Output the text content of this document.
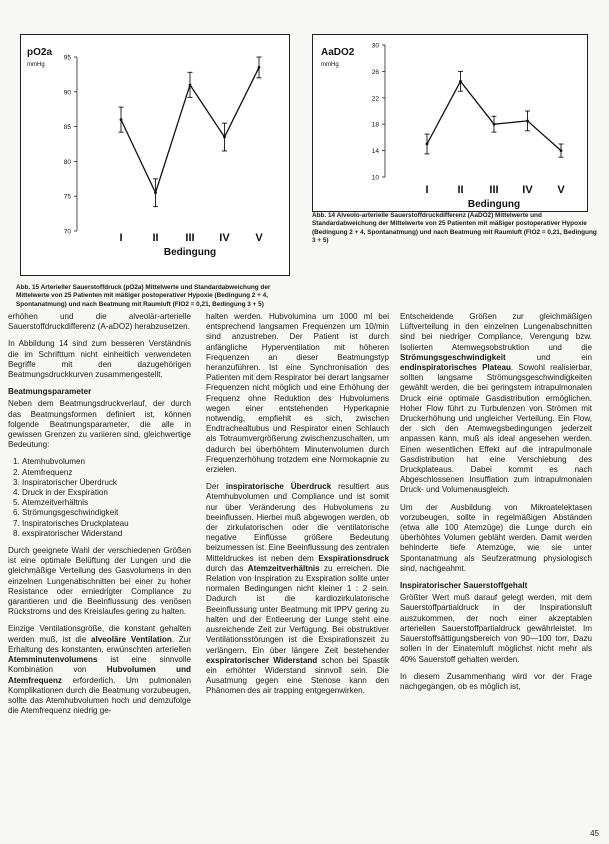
pO2a
mmHg
70
75
80
85
90
95
I	II III IV V
Bedingung
AaDO2
mmHg
10
14
18
22
26
30
I	II III IV V
Bedingung
Abb. 15 Arterieller Sauerstoffdruck (pO2a) Mittelwerte und Standardabweichung der Mittelwerte von 25 Patienten mit mäßiger postoperativer Hypoxie (Bedingung 2 + 4, Spontanatmung) und nach Beatmung mit Raumluft (FIO2 = 0,21, Bedingung 3 + 5)
Abb. 14 Alveolo-arterielle Sauerstoffdruckdifferenz (AaDO2) Mittelwerte und Standardabweichung der Mittelwerte von 25 Patienten mit mäßiger postoperativer Hypoxie (Bedingung 2 + 4, Spontanatmung) und nach Beatmung mit Raumluft (FIO2 = 0,21, Bedingung 3 + 5)

erhöhen und die alveolär-arterielle Sauerstoffdruckdifferenz (A-aDO2) herabzusetzen.

In Abbildung 14 sind zum besseren Verständnis die im Schrifttum nicht einheitlich verwendeten Begriffe mit den dazugehörigen Beatmungsdruckkurven zusammengestellt.

Beatmungsparameter

Neben dem Beatmungsdruckverlauf, der durch das Beatmungsformen definiert ist, können folgende Beatmungsparameter, die alle in gewissen Grenzen zu variieren sind, gleichwertige Bedeutung:

1. Atemhubvolumen
2. Atemfrequenz
3. Inspiratorischer Überdruck
4. Druck in der Exspiration
5. Atemzeitverhältnis
6. Strömungsgeschwindigkeit
7. Inspiratorisches Druckplateau
8. exspiratorischer Widerstand

Durch geeignete Wahl der verschiedenen Größen ist eine optimale Belüftung der Lungen und die gleichmäßige Verteilung des Gasvolumens in den einzelnen Lungenabschnitten bei einer zu hoher Resistance oder erniedrigter Compliance zu garantieren und die Beeinflussung des venösen Rückstroms und des Kreislaufes gering zu halten.

Einzige Ventilationsgröße, die konstant gehalten werden muß, ist die alveoläre Ventilation. Zur Erhaltung des konstanten, erwünschten arteriellen Atemminutenvolumens ist eine sinnvolle Kombination von Hubvolumen und Atemfrequenz erforderlich. Um pulmonalen Komplikationen durch die Beatmung vorzubeugen, sollte das Atemhubvolumen hoch und demzufolge die Atemfrequenz niedrig ge-

halten werden. Hubvolumina um 1000 ml bei entsprechend langsamen Frequenzen um 10/min sind anzustreben. Der Patient ist durch anfängliche Hyperventilation mit höheren Frequenzen an dieser Beatmungstyp heranzuführen. Ist eine Synchronisation des Patienten mit dem Respirator bei derart langsamer Frequenzen nicht möglich und eine Erhöhung der Frequenz ohne Reduktion des Hubvolumens wegen einer entstehenden Hyperkapnie notwendig, empfiehlt es sich, zwischen Endtrachealtubus und Respirator einen Schlauch als Totraumvergrößerung zwischenzuschalten, um dadurch bei überhöhtem Minutenvolumen durch Frequenzerhöhung trotzdem eine Normokapnie zu erzielen.

Der inspiratorische Überdruck resultiert aus Atemhubvolumen und Compliance und ist somit nur über Veränderung des Hubvolumens zu beeinflussen. Hierbei muß abgewogen werden, ob der zirkulatorischen oder die ventilatorische negative Einflüsse größere Bedeutung beizumessen ist. Eine Beeinflussung des zentralen Mitteldruckes ist neben dem Exspirationsdruck durch das Atemzeitverhältnis zu erreichen. Die Relation von Inspiration zu Exspiration sollte unter normalen Bedingungen nicht kleiner 1 : 2 sein. Dadurch ist die kardiozirkulatorische Beeinflussung unter Beatmung mit IPPV gering zu halten und der Entleerung der Lunge steht eine ausreichende Zeit zur Verfügung. Bei obstruktiver Ventilationsstörungen ist die Exspirationszeit zu verlängern. Ein über längere Zeit bestehender exspiratorischer Widerstand schon bei Spastik ein erhöhter Widerstand sinnvoll sein. Die Ausatmung gegen eine Stenose kann den Phänomen des air trapping entgegenwirken.

Entscheidende Größen zur gleichmäßigen Lüftverteilung in den einzelnen Lungenabschnitten sind bei niedriger Compliance, Verengung bzw. Isolierten Atemwegsobstruktion und die Strömungsgeschwindigkeit und ein endinspiratorisches Plateau. Sowohl realisierbar, sollten langsame Strömungsgeschwindigkeiten gewählt werden, die bei geringstem intrapulmonalen Druck eine optimale Gasdistribution ermöglichen. Hoher Flow führt zu Turbulenzen von Strömen mit Druckerhöhung und ungleicher Verteilung. Ein Flow, der sich den Atemwegsbedingungen jederzeit anpassen kann, muß als ideal angesehen werden. Einen wesentlichen Effekt auf die intrapulmonale Gasdistribution hat eine Verschiebung des Druckplateaus. Dabei kommt es nach Abgeschlossenen Insufflation zum intrapulmonalen Druck- und Volumenausgleich.

Um der Ausbildung von Mikroatelektasen vorzubeugen, sollte in regelmäßigen Abständen (etwa alle 100 Atemzüge) die Lunge durch ein überhöhtes Volumen gebläht werden. Damit werden behinderte tiefe Atemzüge, wie sie unter Spontanatmung als Seufzeratmung physiologisch sind, nachgeahmt.

Inspiratorischer Sauerstoffgehalt

Größter Wert muß darauf gelegt werden, mit dem Sauerstoffpartialdruck in der Inspirationsluft auszukommen, der noch einer akzeptablen arteriellen Sauerstoffpartialdruck gewährleistet. Im Sauerstoffsättigungsbereich von 90—100 torr, Dazu sollen in der Einatemluft möglichst nicht mehr als 40% Sauerstoff gehalten werden.

In diesem Zusammenhang wird vor der Frage nachgegangen, ob es möglich ist,

45
